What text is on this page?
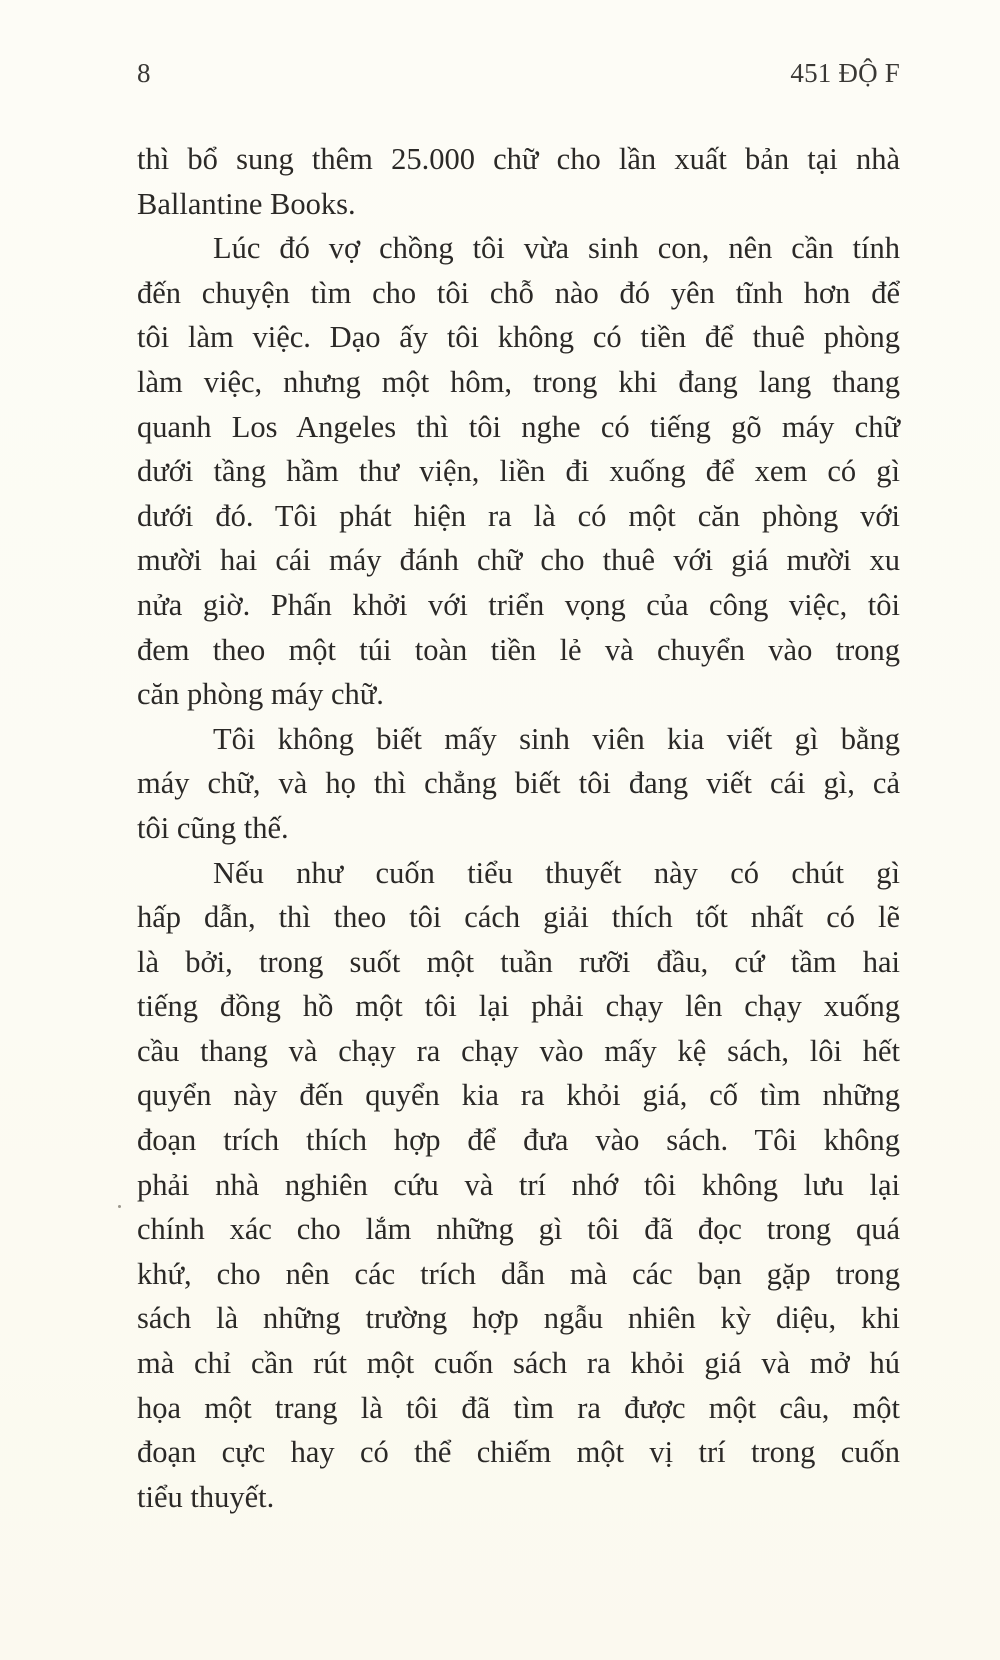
8	451 ĐỘ F

thì bổ sung thêm 25.000 chữ cho lần xuất bản tại nhà
Ballantine Books.

Lúc đó vợ chồng tôi vừa sinh con, nên cần tính
đến chuyện tìm cho tôi chỗ nào đó yên tĩnh hơn để
tôi làm việc. Dạo ấy tôi không có tiền để thuê phòng
làm việc, nhưng một hôm, trong khi đang lang thang
quanh Los Angeles thì tôi nghe có tiếng gõ máy chữ
dưới tầng hầm thư viện, liền đi xuống để xem có gì
dưới đó. Tôi phát hiện ra là có một căn phòng với
mười hai cái máy đánh chữ cho thuê với giá mười xu
nửa giờ. Phấn khởi với triển vọng của công việc, tôi
đem theo một túi toàn tiền lẻ và chuyển vào trong
căn phòng máy chữ.

Tôi không biết mấy sinh viên kia viết gì bằng
máy chữ, và họ thì chẳng biết tôi đang viết cái gì, cả
tôi cũng thế.

Nếu như cuốn tiểu thuyết này có chút gì
hấp dẫn, thì theo tôi cách giải thích tốt nhất có lẽ
là bởi, trong suốt một tuần rưỡi đầu, cứ tầm hai
tiếng đồng hồ một tôi lại phải chạy lên chạy xuống
cầu thang và chạy ra chạy vào mấy kệ sách, lôi hết
quyển này đến quyển kia ra khỏi giá, cố tìm những
đoạn trích thích hợp để đưa vào sách. Tôi không
phải nhà nghiên cứu và trí nhớ tôi không lưu lại
chính xác cho lắm những gì tôi đã đọc trong quá
khứ, cho nên các trích dẫn mà các bạn gặp trong
sách là những trường hợp ngẫu nhiên kỳ diệu, khi
mà chỉ cần rút một cuốn sách ra khỏi giá và mở hú
họa một trang là tôi đã tìm ra được một câu, một
đoạn cực hay có thể chiếm một vị trí trong cuốn
tiểu thuyết.
